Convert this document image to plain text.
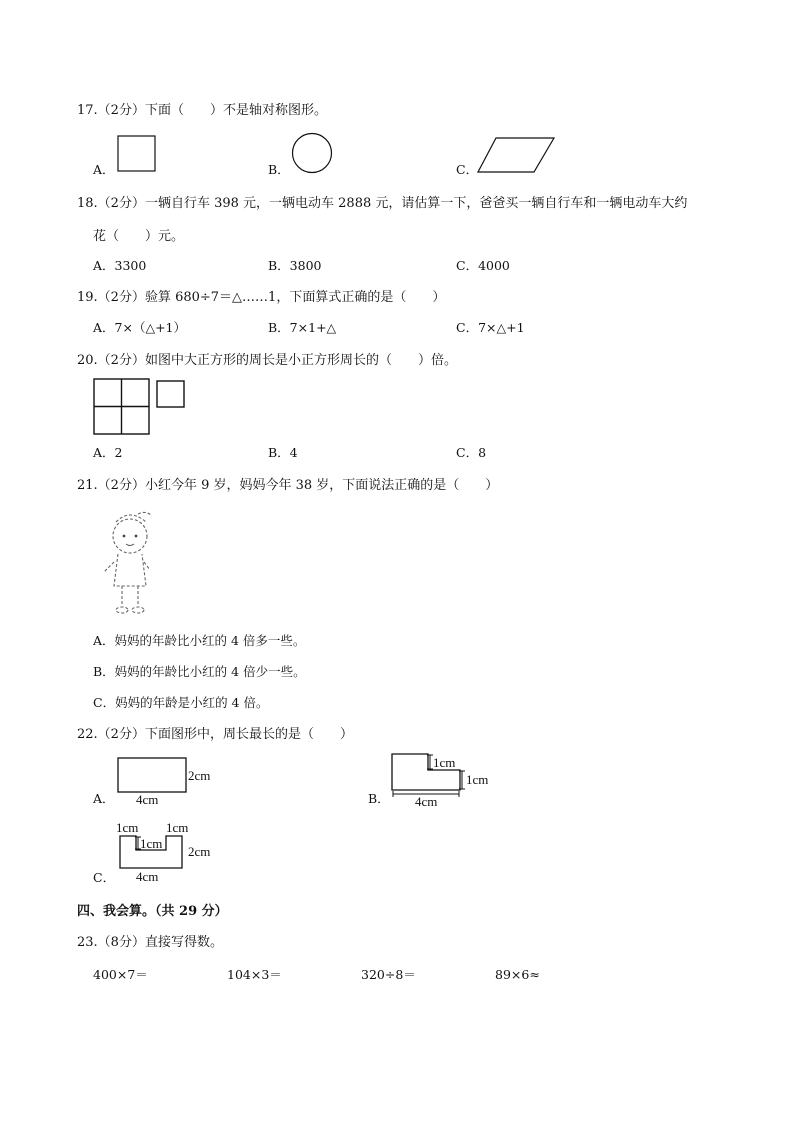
17.（2分）下面（　　）不是轴对称图形。
A．	B．	C．
18.（2分）一辆自行车 398 元，一辆电动车 2888 元，请估算一下，爸爸买一辆自行车和一辆电动车大约
花（　　）元。
A．3300	B．3800	C．4000
19.（2分）验算 680÷7＝△……1，下面算式正确的是（　　）
A．7×（△+1）	B．7×1+△	C．7×△+1
20.（2分）如图中大正方形的周长是小正方形周长的（　　）倍。
A．2	B．4	C．8
21.（2分）小红今年 9 岁，妈妈今年 38 岁，下面说法正确的是（　　）
A．妈妈的年龄比小红的 4 倍多一些。
B．妈妈的年龄比小红的 4 倍少一些。
C．妈妈的年龄是小红的 4 倍。
22.（2分）下面图形中，周长最长的是（　　）
A．
2cm
4cm	B．
1cm
1cm
4cm
C．
1cm 1cm
1cm
2cm
4cm
四、我会算。（共 29 分）
23.（8分）直接写得数。
400×7＝	104×3＝	320÷8＝	89×6≈
